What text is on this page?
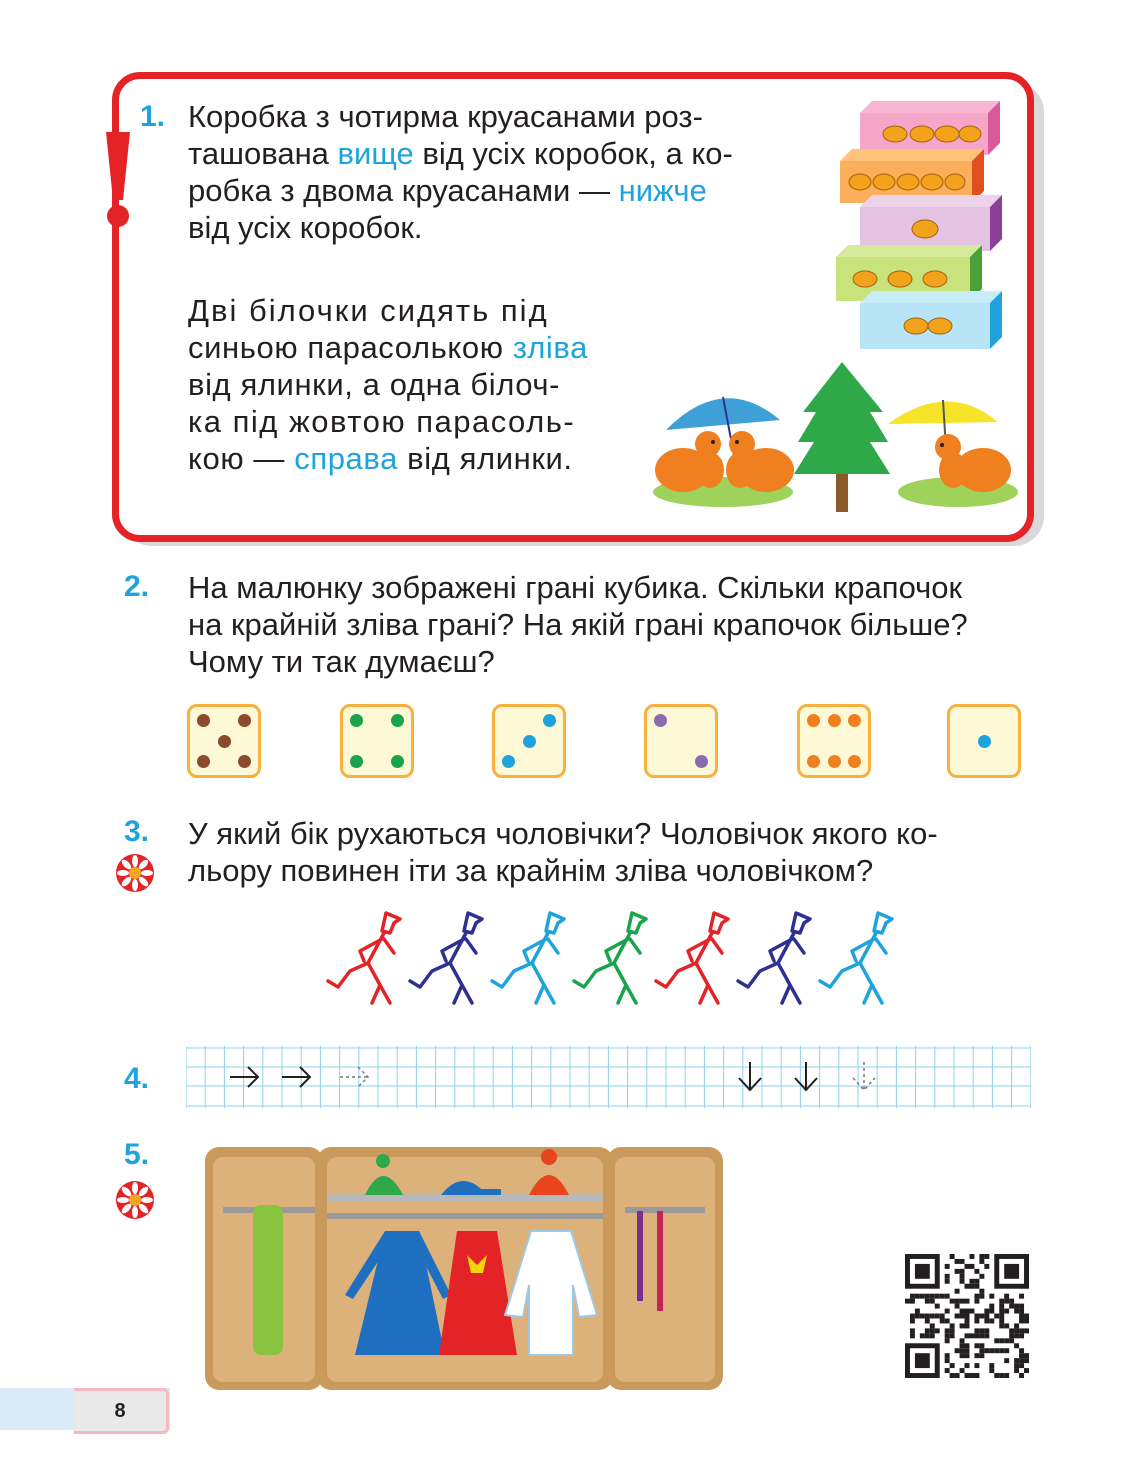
1. Коробка з чотирма круасанами роз-
ташована вище від усіх коробок, а ко-
робка з двома круасанами — нижче
від усіх коробок.
Дві білочки сидять під
синьою парасолькою зліва
від ялинки, а одна білоч-
ка під жовтою парасоль-
кою — справа від ялинки.
2. На малюнку зображені грані кубика. Скільки крапочок
на крайній зліва грані? На якій грані крапочок більше?
Чому ти так думаєш?
3. У який бік рухаються чоловічки? Чоловічок якого ко-
льору повинен іти за крайнім зліва чоловічком?
4.
5.
8
